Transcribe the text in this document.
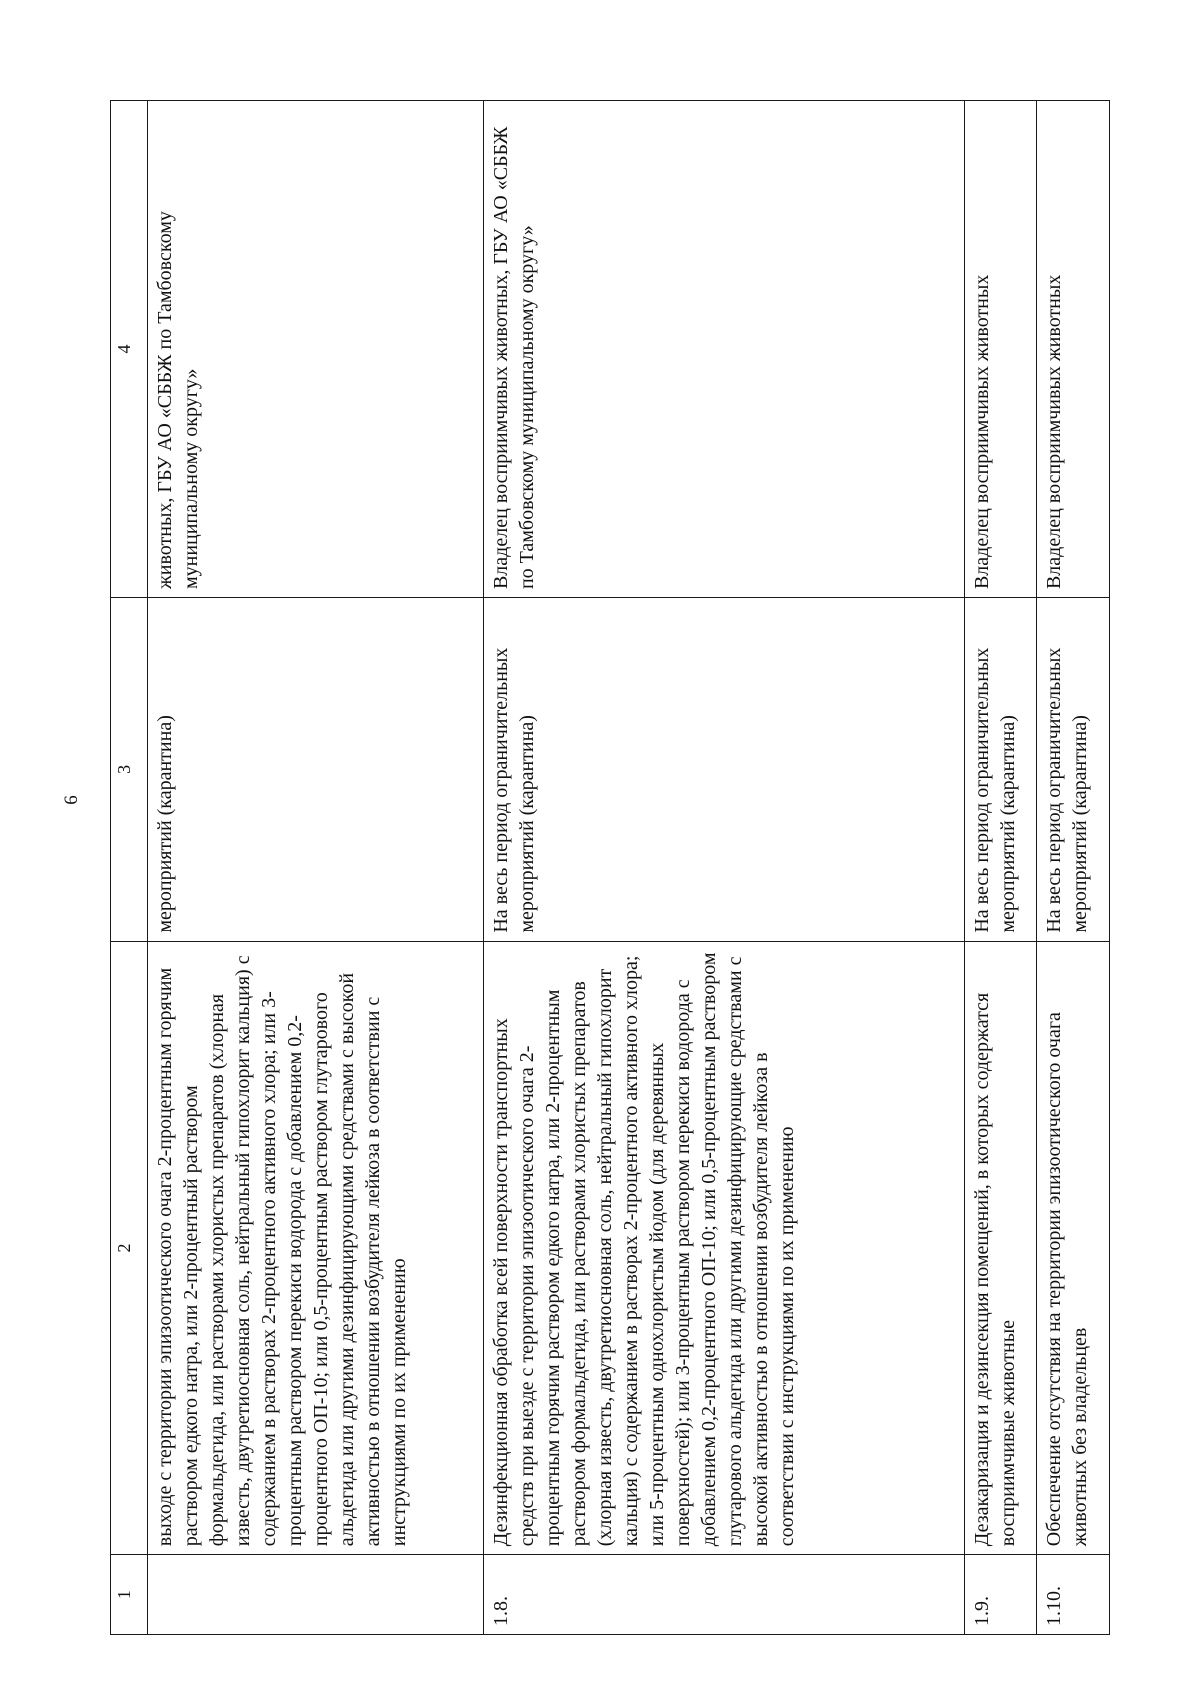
6
1	2	3	4
	выходе с территории эпизоотического очага 2-процентным горячим раствором едкого натра, или 2-процентный раствором формальдегида, или растворами хлористых препаратов (хлорная известь, двутретиосновная соль, нейтральный гипохлорит кальция) с содержанием в растворах 2-процентного активного хлора; или 3-процентным раствором перекиси водорода с добавлением 0,2-процентного ОП-10; или 0,5-процентным раствором глутарового альдегида или другими дезинфицирующими средствами с высокой активностью в отношении возбудителя лейкоза в соответствии с инструкциями по их применению	мероприятий (карантина)	животных, ГБУ АО «СББЖ по Тамбовскому муниципальному округу»
1.8.	Дезинфекционная обработка всей поверхности транспортных средств при выезде с территории эпизоотического очага 2-процентным горячим раствором едкого натра, или 2-процентным раствором формальдегида, или растворами хлористых препаратов (хлорная известь, двутретиосновная соль, нейтральный гипохлорит кальция) с содержанием в растворах 2-процентного активного хлора; или 5-процентным однохлористым йодом (для деревянных поверхностей); или 3-процентным раствором перекиси водорода с добавлением 0,2-процентного ОП-10; или 0,5-процентным раствором глутарового альдегида или другими дезинфицирующие средствами с высокой активностью в отношении возбудителя лейкоза в соответствии с инструкциями по их применению	На весь период ограничительных мероприятий (карантина)	Владелец восприимчивых животных, ГБУ АО «СББЖ по Тамбовскому муниципальному округу»
1.9.	Дезакаризация и дезинсекция помещений, в которых содержатся восприимчивые животные	На весь период ограничительных мероприятий (карантина)	Владелец восприимчивых животных
1.10.	Обеспечение отсутствия на территории эпизоотического очага животных без владельцев	На весь период ограничительных мероприятий (карантина)	Владелец восприимчивых животных
